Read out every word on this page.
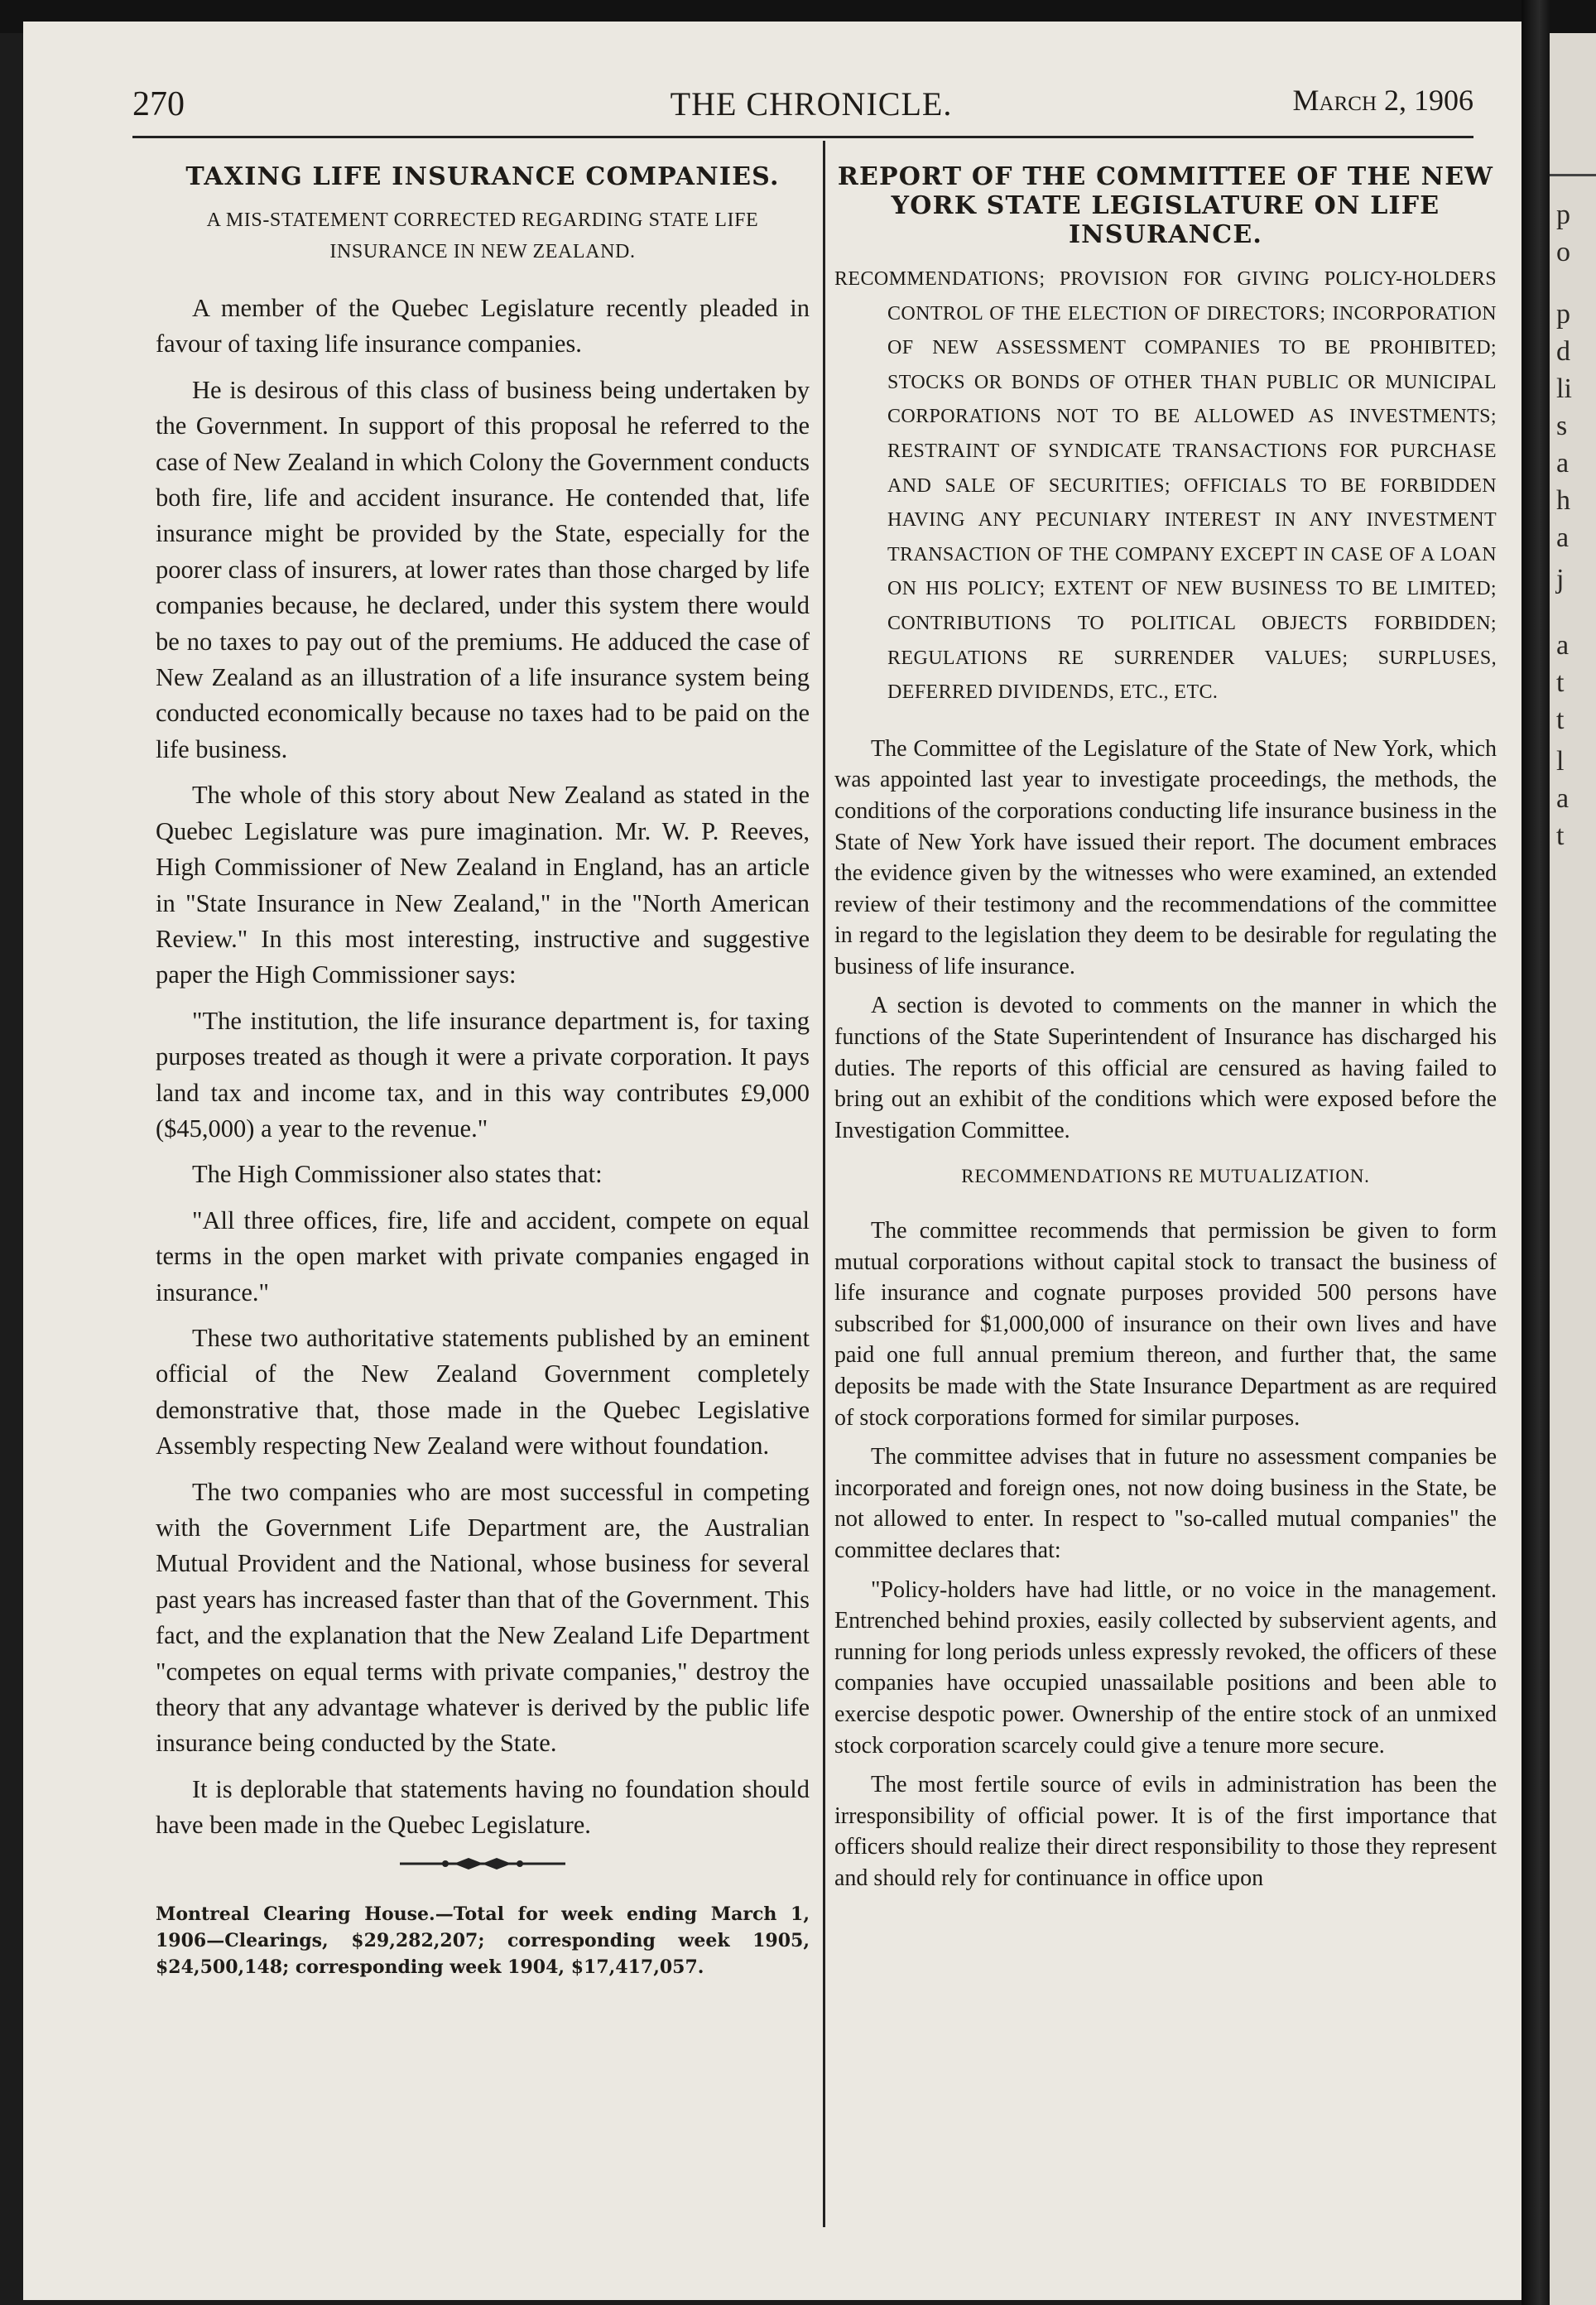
270	THE CHRONICLE.	March 2, 1906
TAXING LIFE INSURANCE COMPANIES.
A MIS-STATEMENT CORRECTED REGARDING STATE LIFE INSURANCE IN NEW ZEALAND.

A member of the Quebec Legislature recently pleaded in favour of taxing life insurance companies.

He is desirous of this class of business being undertaken by the Government. In support of this proposal he referred to the case of New Zealand in which Colony the Government conducts both fire, life and accident insurance. He contended that, life insurance might be provided by the State, especially for the poorer class of insurers, at lower rates than those charged by life companies because, he declared, under this system there would be no taxes to pay out of the premiums. He adduced the case of New Zealand as an illustration of a life insurance system being conducted economically because no taxes had to be paid on the life business.

The whole of this story about New Zealand as stated in the Quebec Legislature was pure imagination. Mr. W. P. Reeves, High Commissioner of New Zealand in England, has an article in "State Insurance in New Zealand," in the "North American Review." In this most interesting, instructive and suggestive paper the High Commissioner says:

"The institution, the life insurance department is, for taxing purposes treated as though it were a private corporation. It pays land tax and income tax, and in this way contributes £9,000 ($45,000) a year to the revenue."

The High Commissioner also states that:

"All three offices, fire, life and accident, compete on equal terms in the open market with private companies engaged in insurance."

These two authoritative statements published by an eminent official of the New Zealand Government completely demonstrative that, those made in the Quebec Legislative Assembly respecting New Zealand were without foundation.

The two companies who are most successful in competing with the Government Life Department are, the Australian Mutual Provident and the National, whose business for several past years has increased faster than that of the Government. This fact, and the explanation that the New Zealand Life Department "competes on equal terms with private companies," destroy the theory that any advantage whatever is derived by the public life insurance being conducted by the State.

It is deplorable that statements having no foundation should have been made in the Quebec Legislature.

Montreal Clearing House.—Total for week ending March 1, 1906—Clearings, $29,282,207; corresponding week 1905, $24,500,148; corresponding week 1904, $17,417,057.
REPORT OF THE COMMITTEE OF THE NEW YORK STATE LEGISLATURE ON LIFE INSURANCE.
RECOMMENDATIONS; PROVISION FOR GIVING POLICY-HOLDERS CONTROL OF THE ELECTION OF DIRECTORS; INCORPORATION OF NEW ASSESSMENT COMPANIES TO BE PROHIBITED; STOCKS OR BONDS OF OTHER THAN PUBLIC OR MUNICIPAL CORPORATIONS NOT TO BE ALLOWED AS INVESTMENTS; RESTRAINT OF SYNDICATE TRANSACTIONS FOR PURCHASE AND SALE OF SECURITIES; OFFICIALS TO BE FORBIDDEN HAVING ANY PECUNIARY INTEREST IN ANY INVESTMENT TRANSACTION OF THE COMPANY EXCEPT IN CASE OF A LOAN ON HIS POLICY; EXTENT OF NEW BUSINESS TO BE LIMITED; CONTRIBUTIONS TO POLITICAL OBJECTS FORBIDDEN; REGULATIONS RE SURRENDER VALUES; SURPLUSES, DEFERRED DIVIDENDS, ETC., ETC.

The Committee of the Legislature of the State of New York, which was appointed last year to investigate proceedings, the methods, the conditions of the corporations conducting life insurance business in the State of New York have issued their report. The document embraces the evidence given by the witnesses who were examined, an extended review of their testimony and the recommendations of the committee in regard to the legislation they deem to be desirable for regulating the business of life insurance.

A section is devoted to comments on the manner in which the functions of the State Superintendent of Insurance has discharged his duties. The reports of this official are censured as having failed to bring out an exhibit of the conditions which were exposed before the Investigation Committee.

RECOMMENDATIONS RE MUTUALIZATION.

The committee recommends that permission be given to form mutual corporations without capital stock to transact the business of life insurance and cognate purposes provided 500 persons have subscribed for $1,000,000 of insurance on their own lives and have paid one full annual premium thereon, and further that, the same deposits be made with the State Insurance Department as are required of stock corporations formed for similar purposes.

The committee advises that in future no assessment companies be incorporated and foreign ones, not now doing business in the State, be not allowed to enter. In respect to "so-called mutual companies" the committee declares that:

"Policy-holders have had little, or no voice in the management. Entrenched behind proxies, easily collected by subservient agents, and running for long periods unless expressly revoked, the officers of these companies have occupied unassailable positions and been able to exercise despotic power. Ownership of the entire stock of an unmixed stock corporation scarcely could give a tenure more secure.

The most fertile source of evils in administration has been the irresponsibility of official power. It is of the first importance that officers should realize their direct responsibility to those they represent and should rely for continuance in office upon

p
o
p
d
li
s
a
h
a
j
a
t
t
l
a
t
